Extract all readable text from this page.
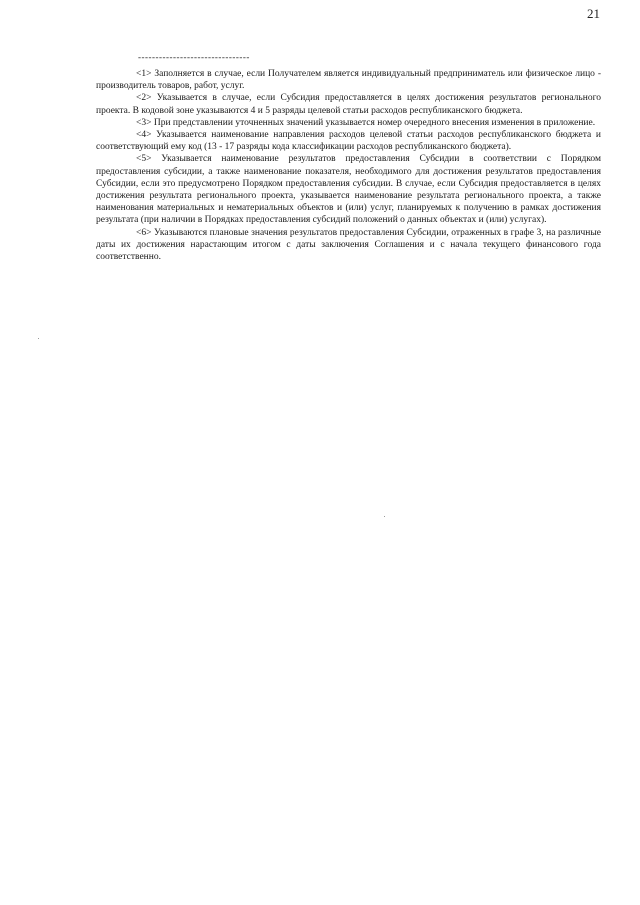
21
--------------------------------

<1> Заполняется в случае, если Получателем является индивидуальный предприниматель или физическое лицо - производитель товаров, работ, услуг.

<2> Указывается в случае, если Субсидия предоставляется в целях достижения результатов регионального проекта. В кодовой зоне указываются 4 и 5 разряды целевой статьи расходов республиканского бюджета.

<3> При представлении уточненных значений указывается номер очередного внесения изменения в приложение.

<4> Указывается наименование направления расходов целевой статьи расходов республиканского бюджета и соответствующий ему код (13 - 17 разряды кода классификации расходов республиканского бюджета).

<5> Указывается наименование результатов предоставления Субсидии в соответствии с Порядком предоставления субсидии, а также наименование показателя, необходимого для достижения результатов предоставления Субсидии, если это предусмотрено Порядком предоставления субсидии. В случае, если Субсидия предоставляется в целях достижения результата регионального проекта, указывается наименование результата регионального проекта, а также наименования материальных и нематериальных объектов и (или) услуг, планируемых к получению в рамках достижения результата (при наличии в Порядках предоставления субсидий положений о данных объектах и (или) услугах).

<6> Указываются плановые значения результатов предоставления Субсидии, отраженных в графе 3, на различные даты их достижения нарастающим итогом с даты заключения Соглашения и с начала текущего финансового года соответственно.
